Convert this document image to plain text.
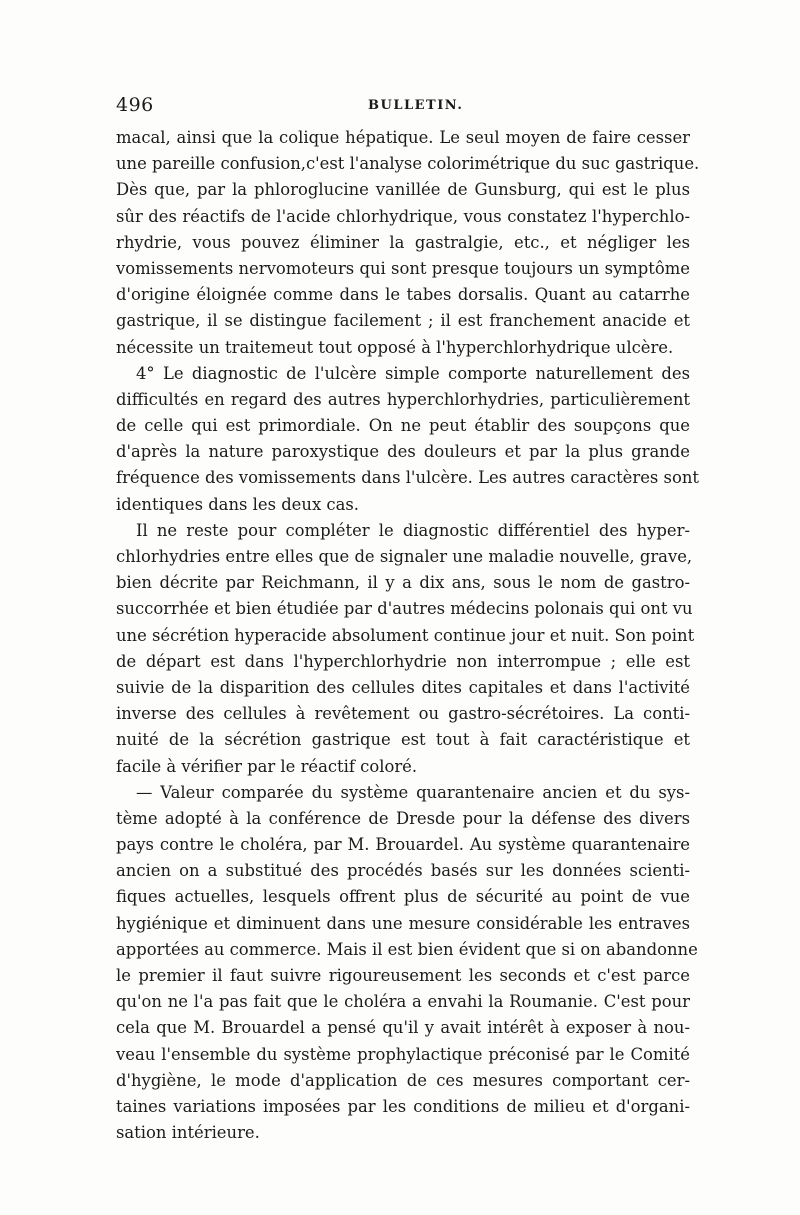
496	BULLETIN.
macal, ainsi que la colique hépatique. Le seul moyen de faire cesser
une pareille confusion,c'est l'analyse colorimétrique du suc gastrique.
Dès que, par la phloroglucine vanillée de Gunsburg, qui est le plus
sûr des réactifs de l'acide chlorhydrique, vous constatez l'hyperchlo-
rhydrie, vous pouvez éliminer la gastralgie, etc., et négliger les
vomissements nervomoteurs qui sont presque toujours un symptôme
d'origine éloignée comme dans le tabes dorsalis. Quant au catarrhe
gastrique, il se distingue facilement ; il est franchement anacide et
nécessite un traitemeut tout opposé à l'hyperchlorhydrique ulcère.
4° Le diagnostic de l'ulcère simple comporte naturellement des
difficultés en regard des autres hyperchlorhydries, particulièrement
de celle qui est primordiale. On ne peut établir des soupçons que
d'après la nature paroxystique des douleurs et par la plus grande
fréquence des vomissements dans l'ulcère. Les autres caractères sont
identiques dans les deux cas.
Il ne reste pour compléter le diagnostic différentiel des hyper-
chlorhydries entre elles que de signaler une maladie nouvelle, grave,
bien décrite par Reichmann, il y a dix ans, sous le nom de gastro-
succorrhée et bien étudiée par d'autres médecins polonais qui ont vu
une sécrétion hyperacide absolument continue jour et nuit. Son point
de départ est dans l'hyperchlorhydrie non interrompue ; elle est
suivie de la disparition des cellules dites capitales et dans l'activité
inverse des cellules à revêtement ou gastro-sécrétoires. La conti-
nuité de la sécrétion gastrique est tout à fait caractéristique et
facile à vérifier par le réactif coloré.
— Valeur comparée du système quarantenaire ancien et du sys-
tème adopté à la conférence de Dresde pour la défense des divers
pays contre le choléra, par M. Brouardel. Au système quarantenaire
ancien on a substitué des procédés basés sur les données scienti-
fiques actuelles, lesquels offrent plus de sécurité au point de vue
hygiénique et diminuent dans une mesure considérable les entraves
apportées au commerce. Mais il est bien évident que si on abandonne
le premier il faut suivre rigoureusement les seconds et c'est parce
qu'on ne l'a pas fait que le choléra a envahi la Roumanie. C'est pour
cela que M. Brouardel a pensé qu'il y avait intérêt à exposer à nou-
veau l'ensemble du système prophylactique préconisé par le Comité
d'hygiène, le mode d'application de ces mesures comportant cer-
taines variations imposées par les conditions de milieu et d'organi-
sation intérieure.
